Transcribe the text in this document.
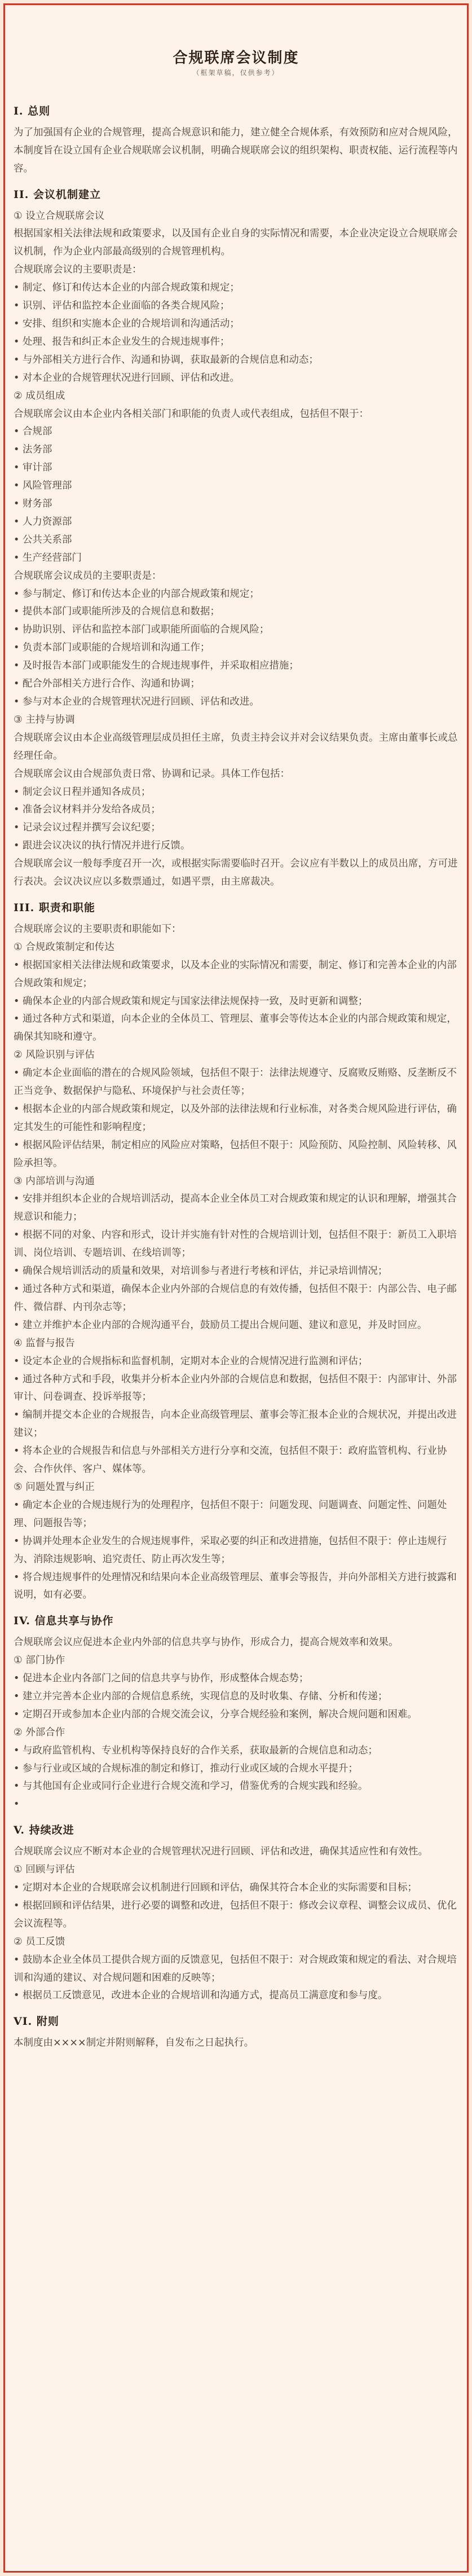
合规联席会议制度
（框架草稿，仅供参考）
I. 总则

为了加强国有企业的合规管理，提高合规意识和能力，建立健全合规体系，有效预防和应对合规风险，本制度旨在设立国有企业合规联席会议机制，明确合规联席会议的组织架构、职责权能、运行流程等内容。

II. 会议机制建立

① 设立合规联席会议

根据国家相关法律法规和政策要求，以及国有企业自身的实际情况和需要，本企业决定设立合规联席会议机制，作为企业内部最高级别的合规管理机构。

合规联席会议的主要职责是：

• 制定、修订和传达本企业的内部合规政策和规定；

• 识别、评估和监控本企业面临的各类合规风险；

• 安排、组织和实施本企业的合规培训和沟通活动；

• 处理、报告和纠正本企业发生的合规违规事件；

• 与外部相关方进行合作、沟通和协调，获取最新的合规信息和动态；

• 对本企业的合规管理状况进行回顾、评估和改进。

② 成员组成

合规联席会议由本企业内各相关部门和职能的负责人或代表组成，包括但不限于：

• 合规部

• 法务部

• 审计部

• 风险管理部

• 财务部

• 人力资源部

• 公共关系部

• 生产经营部门

合规联席会议成员的主要职责是：

• 参与制定、修订和传达本企业的内部合规政策和规定；

• 提供本部门或职能所涉及的合规信息和数据；

• 协助识别、评估和监控本部门或职能所面临的合规风险；

• 负责本部门或职能的合规培训和沟通工作；

• 及时报告本部门或职能发生的合规违规事件，并采取相应措施；

• 配合外部相关方进行合作、沟通和协调；

• 参与对本企业的合规管理状况进行回顾、评估和改进。

③ 主持与协调

合规联席会议由本企业高级管理层成员担任主席，负责主持会议并对会议结果负责。主席由董事长或总经理任命。

合规联席会议由合规部负责日常、协调和记录。具体工作包括：

• 制定会议日程并通知各成员；

• 准备会议材料并分发给各成员；

• 记录会议过程并撰写会议纪要；

• 跟进会议决议的执行情况并进行反馈。

合规联席会议一般每季度召开一次，或根据实际需要临时召开。会议应有半数以上的成员出席，方可进行表决。会议决议应以多数票通过，如遇平票，由主席裁决。

III. 职责和职能

合规联席会议的主要职责和职能如下：

① 合规政策制定和传达

• 根据国家相关法律法规和政策要求，以及本企业的实际情况和需要，制定、修订和完善本企业的内部合规政策和规定；

• 确保本企业的内部合规政策和规定与国家法律法规保持一致，及时更新和调整；

• 通过各种方式和渠道，向本企业的全体员工、管理层、董事会等传达本企业的内部合规政策和规定，确保其知晓和遵守。

② 风险识别与评估

• 确定本企业面临的潜在的合规风险领域，包括但不限于：法律法规遵守、反腐败反贿赂、反垄断反不正当竞争、数据保护与隐私、环境保护与社会责任等；

• 根据本企业的内部合规政策和规定，以及外部的法律法规和行业标准，对各类合规风险进行评估，确定其发生的可能性和影响程度；

• 根据风险评估结果，制定相应的风险应对策略，包括但不限于：风险预防、风险控制、风险转移、风险承担等。

③ 内部培训与沟通

• 安排并组织本企业的合规培训活动，提高本企业全体员工对合规政策和规定的认识和理解，增强其合规意识和能力；

• 根据不同的对象、内容和形式，设计并实施有针对性的合规培训计划，包括但不限于：新员工入职培训、岗位培训、专题培训、在线培训等；

• 确保合规培训活动的质量和效果，对培训参与者进行考核和评估，并记录培训情况；

• 通过各种方式和渠道，确保本企业内外部的合规信息的有效传播，包括但不限于：内部公告、电子邮件、微信群、内刊杂志等；

• 建立并维护本企业内部的合规沟通平台，鼓励员工提出合规问题、建议和意见，并及时回应。

④ 监督与报告

• 设定本企业的合规指标和监督机制，定期对本企业的合规情况进行监测和评估；

• 通过各种方式和手段，收集并分析本企业内外部的合规信息和数据，包括但不限于：内部审计、外部审计、问卷调查、投诉举报等；

• 编制并提交本企业的合规报告，向本企业高级管理层、董事会等汇报本企业的合规状况，并提出改进建议；

• 将本企业的合规报告和信息与外部相关方进行分享和交流，包括但不限于：政府监管机构、行业协会、合作伙伴、客户、媒体等。

⑤ 问题处置与纠正

• 确定本企业的合规违规行为的处理程序，包括但不限于：问题发现、问题调查、问题定性、问题处理、问题报告等；

• 协调并处理本企业发生的合规违规事件，采取必要的纠正和改进措施，包括但不限于：停止违规行为、消除违规影响、追究责任、防止再次发生等；

• 将合规违规事件的处理情况和结果向本企业高级管理层、董事会等报告，并向外部相关方进行披露和说明，如有必要。

IV. 信息共享与协作

合规联席会议应促进本企业内外部的信息共享与协作，形成合力，提高合规效率和效果。

① 部门协作

• 促进本企业内各部门之间的信息共享与协作，形成整体合规态势；

• 建立并完善本企业内部的合规信息系统，实现信息的及时收集、存储、分析和传递；

• 定期召开或参加本企业内部的合规交流会议，分享合规经验和案例，解决合规问题和困难。

② 外部合作

• 与政府监管机构、专业机构等保持良好的合作关系，获取最新的合规信息和动态；

• 参与行业或区域的合规标准的制定和修订，推动行业或区域的合规水平提升；

• 与其他国有企业或同行企业进行合规交流和学习，借鉴优秀的合规实践和经验。

•

V. 持续改进

合规联席会议应不断对本企业的合规管理状况进行回顾、评估和改进，确保其适应性和有效性。

① 回顾与评估

• 定期对本企业的合规联席会议机制进行回顾和评估，确保其符合本企业的实际需要和目标；

• 根据回顾和评估结果，进行必要的调整和改进，包括但不限于：修改会议章程、调整会议成员、优化会议流程等。

② 员工反馈

• 鼓励本企业全体员工提供合规方面的反馈意见，包括但不限于：对合规政策和规定的看法、对合规培训和沟通的建议、对合规问题和困难的反映等；

• 根据员工反馈意见，改进本企业的合规培训和沟通方式，提高员工满意度和参与度。

VI. 附则

本制度由××××制定并附则解释，自发布之日起执行。
